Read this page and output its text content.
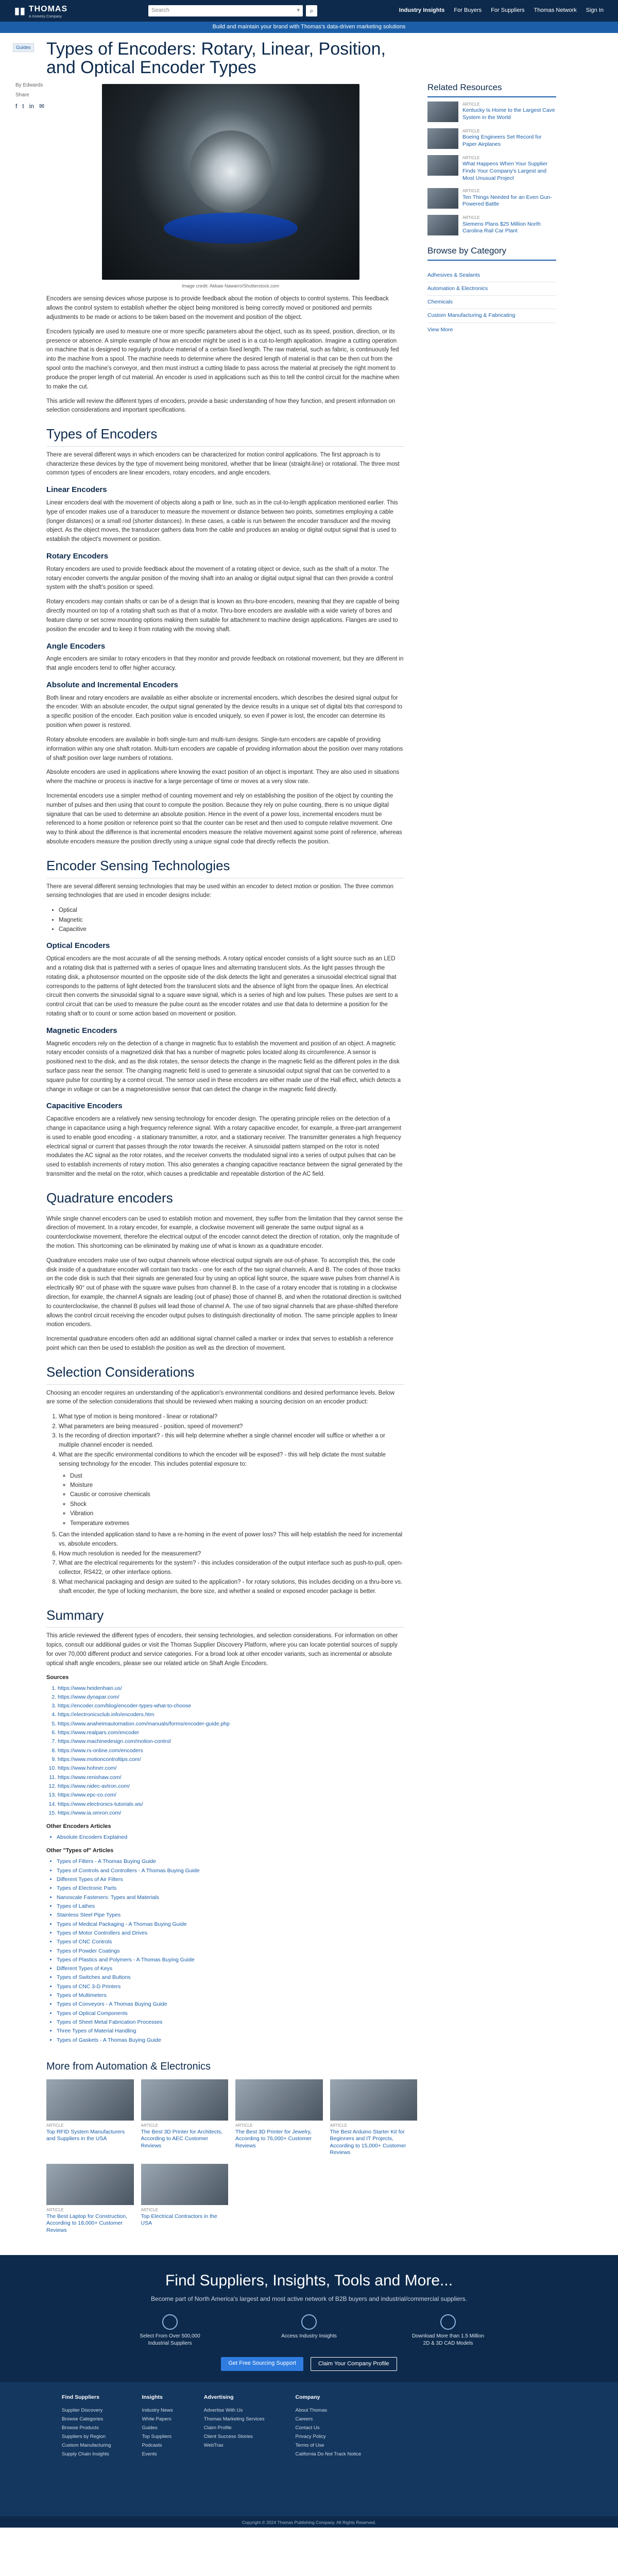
▮▮ THOMAS
A Xometry Company
Search	▾ ⌕	Industry Insights For Buyers For Suppliers Thomas Network Sign In
Build and maintain your brand with Thomas's data-driven marketing solutions
Guides Types of Encoders: Rotary, Linear, Position, and Optical Encoder Types
By Edwards
Share
f t in ✉
Image credit: Akkaw Nawarro/Shutterstock.com

Encoders are sensing devices whose purpose is to provide feedback about the motion of objects to control systems. This feedback allows the control system to establish whether the object being monitored is being correctly moved or positioned and permits adjustments to be made or actions to be taken based on the movement and position of the object.

Encoders typically are used to measure one or more specific parameters about the object, such as its speed, position, direction, or its presence or absence. A simple example of how an encoder might be used is in a cut-to-length application. Imagine a cutting operation on machine that is designed to regularly produce material of a certain fixed length. The raw material, such as fabric, is continuously fed into the machine from a spool. The machine needs to determine where the desired length of material is that can be then cut from the spool onto the machine's conveyor, and then must instruct a cutting blade to pass across the material at precisely the right moment to produce the proper length of cut material. An encoder is used in applications such as this to tell the control circuit for the machine when to make the cut.

This article will review the different types of encoders, provide a basic understanding of how they function, and present information on selection considerations and important specifications.

Types of Encoders

There are several different ways in which encoders can be characterized for motion control applications. The first approach is to characterize these devices by the type of movement being monitored, whether that be linear (straight-line) or rotational. The three most common types of encoders are linear encoders, rotary encoders, and angle encoders.

Linear Encoders

Linear encoders deal with the movement of objects along a path or line, such as in the cut-to-length application mentioned earlier. This type of encoder makes use of a transducer to measure the movement or distance between two points, sometimes employing a cable (longer distances) or a small rod (shorter distances). In these cases, a cable is run between the encoder transducer and the moving object. As the object moves, the transducer gathers data from the cable and produces an analog or digital output signal that is used to establish the object's movement or position.

Rotary Encoders

Rotary encoders are used to provide feedback about the movement of a rotating object or device, such as the shaft of a motor. The rotary encoder converts the angular position of the moving shaft into an analog or digital output signal that can then provide a control system with the shaft's position or speed.

Rotary encoders may contain shafts or can be of a design that is known as thru-bore encoders, meaning that they are capable of being directly mounted on top of a rotating shaft such as that of a motor. Thru-bore encoders are available with a wide variety of bores and feature clamp or set screw mounting options making them suitable for attachment to machine design applications. Flanges are used to position the encoder and to keep it from rotating with the moving shaft.

Angle Encoders

Angle encoders are similar to rotary encoders in that they monitor and provide feedback on rotational movement, but they are different in that angle encoders tend to offer higher accuracy.

Absolute and Incremental Encoders

Both linear and rotary encoders are available as either absolute or incremental encoders, which describes the desired signal output for the encoder. With an absolute encoder, the output signal generated by the device results in a unique set of digital bits that correspond to a specific position of the encoder. Each position value is encoded uniquely, so even if power is lost, the encoder can determine its position when power is restored.

Rotary absolute encoders are available in both single-turn and multi-turn designs. Single-turn encoders are capable of providing information within any one shaft rotation. Multi-turn encoders are capable of providing information about the position over many rotations of shaft position over large numbers of rotations.

Absolute encoders are used in applications where knowing the exact position of an object is important. They are also used in situations where the machine or process is inactive for a large percentage of time or moves at a very slow rate.

Incremental encoders use a simpler method of counting movement and rely on establishing the position of the object by counting the number of pulses and then using that count to compute the position. Because they rely on pulse counting, there is no unique digital signature that can be used to determine an absolute position. Hence in the event of a power loss, incremental encoders must be referenced to a home position or reference point so that the counter can be reset and then used to compute relative movement. One way to think about the difference is that incremental encoders measure the relative movement against some point of reference, whereas absolute encoders measure the position directly using a unique signal code that directly reflects the position.

Encoder Sensing Technologies

There are several different sensing technologies that may be used within an encoder to detect motion or position. The three common sensing technologies that are used in encoder designs include:

• Optical
• Magnetic
• Capacitive
Optical Encoders

Optical encoders are the most accurate of all the sensing methods. A rotary optical encoder consists of a light source such as an LED and a rotating disk that is patterned with a series of opaque lines and alternating translucent slots. As the light passes through the rotating disk, a photosensor mounted on the opposite side of the disk detects the light and generates a sinusoidal electrical signal that corresponds to the patterns of light detected from the translucent slots and the absence of light from the opaque lines. An electrical circuit then converts the sinusoidal signal to a square wave signal, which is a series of high and low pulses. These pulses are sent to a control circuit that can be used to measure the pulse count as the encoder rotates and use that data to determine a position for the rotating shaft or to count or some action based on movement or position.

Magnetic Encoders

Magnetic encoders rely on the detection of a change in magnetic flux to establish the movement and position of an object. A magnetic rotary encoder consists of a magnetized disk that has a number of magnetic poles located along its circumference. A sensor is positioned next to the disk, and as the disk rotates, the sensor detects the change in the magnetic field as the different poles in the disk surface pass near the sensor. The changing magnetic field is used to generate a sinusoidal output signal that can be converted to a square pulse for counting by a control circuit. The sensor used in these encoders are either made use of the Hall effect, which detects a change in voltage or can be a magnetoresistive sensor that can detect the change in the magnetic field directly.

Capacitive Encoders

Capacitive encoders are a relatively new sensing technology for encoder design. The operating principle relies on the detection of a change in capacitance using a high frequency reference signal. With a rotary capacitive encoder, for example, a three-part arrangement is used to enable good encoding - a stationary transmitter, a rotor, and a stationary receiver. The transmitter generates a high frequency electrical signal or current that passes through the rotor towards the receiver. A sinusoidal pattern stamped on the rotor is noted modulates the AC signal as the rotor rotates, and the receiver converts the modulated signal into a series of output pulses that can be used to establish increments of rotary motion. This also generates a changing capacitive reactance between the signal generated by the transmitter and the metal on the rotor, which causes a predictable and repeatable distortion of the AC field.

Quadrature encoders

While single channel encoders can be used to establish motion and movement, they suffer from the limitation that they cannot sense the direction of movement. In a rotary encoder, for example, a clockwise movement will generate the same output signal as a counterclockwise movement, therefore the electrical output of the encoder cannot detect the direction of rotation, only the magnitude of the motion. This shortcoming can be eliminated by making use of what is known as a quadrature encoder.

Quadrature encoders make use of two output channels whose electrical output signals are out-of-phase. To accomplish this, the code disk inside of a quadrature encoder will contain two tracks - one for each of the two signal channels, A and B. The codes of those tracks on the code disk is such that their signals are generated four by using an optical light source, the square wave pulses from channel A is electrically 90° out of phase with the square wave pulses from channel B. In the case of a rotary encoder that is rotating in a clockwise direction, for example, the channel A signals are leading (out of phase) those of channel B, and when the rotational direction is switched to counterclockwise, the channel B pulses will lead those of channel A. The use of two signal channels that are phase-shifted therefore allows the control circuit receiving the encoder output pulses to distinguish directionality of motion. The same principle applies to linear motion encoders.

Incremental quadrature encoders often add an additional signal channel called a marker or index that serves to establish a reference point which can then be used to establish the position as well as the direction of movement.

Selection Considerations

Choosing an encoder requires an understanding of the application's environmental conditions and desired performance levels. Below are some of the selection considerations that should be reviewed when making a sourcing decision on an encoder product:

1. What type of motion is being monitored - linear or rotational?
2. What parameters are being measured - position, speed of movement?
3. Is the recording of direction important? - this will help determine whether a single channel encoder will suffice or whether a or multiple channel encoder is needed.
4. What are the specific environmental conditions to which the encoder will be exposed? - this will help dictate the most suitable sensing technology for the encoder. This includes potential exposure to:
◦ Dust
◦ Moisture
◦ Caustic or corrosive chemicals
◦ Shock
◦ Vibration
◦ Temperature extremes
5. Can the intended application stand to have a re-homing in the event of power loss? This will help establish the need for incremental vs. absolute encoders.
6. How much resolution is needed for the measurement?
7. What are the electrical requirements for the system? - this includes consideration of the output interface such as push-to-pull, open-collector, RS422, or other interface options.
8. What mechanical packaging and design are suited to the application? - for rotary solutions, this includes deciding on a thru-bore vs. shaft encoder, the type of locking mechanism, the bore size, and whether a sealed or exposed encoder package is better.
Summary

This article reviewed the different types of encoders, their sensing technologies, and selection considerations. For information on other topics, consult our additional guides or visit the Thomas Supplier Discovery Platform, where you can locate potential sources of supply for over 70,000 different product and service categories. For a broad look at other encoder variants, such as incremental or absolute optical shaft angle encoders, please see our related article on Shaft Angle Encoders.

Sources
1. https://www.heidenhain.us/
2. https://www.dynapar.com/
3. https://encoder.com/blog/encoder-types-what-to-choose
4. https://electronicsclub.info/encoders.htm
5. https://www.anaheimautomation.com/manuals/forms/encoder-guide.php
6. https://www.realpars.com/encoder
7. https://www.machinedesign.com/motion-control
8. https://www.rs-online.com/encoders
9. https://www.motioncontroltips.com/
10. https://www.hohner.com/
11. https://www.renishaw.com/
12. https://www.nidec-avtron.com/
13. https://www.epc-co.com/
14. https://www.electronics-tutorials.ws/
15. https://www.ia.omron.com/
Other Encoders Articles
• Absolute Encoders Explained
Other "Types of" Articles
• Types of Filters - A Thomas Buying Guide
• Types of Controls and Controllers - A Thomas Buying Guide
• Different Types of Air Filters
• Types of Electronic Parts
• Nanoscale Fasteners: Types and Materials
• Types of Lathes
• Stainless Steel Pipe Types
• Types of Medical Packaging - A Thomas Buying Guide
• Types of Motor Controllers and Drives
• Types of CNC Controls
• Types of Powder Coatings
• Types of Plastics and Polymers - A Thomas Buying Guide
• Different Types of Keys
• Types of Switches and Buttons
• Types of CNC 3-D Printers
• Types of Multimeters
• Types of Conveyors - A Thomas Buying Guide
• Types of Optical Components
• Types of Sheet Metal Fabrication Processes
• Three Types of Material Handling
• Types of Gaskets - A Thomas Buying Guide
Related Resources
ARTICLE
Kentucky Is Home to the Largest Cave System in the World
ARTICLE
Boeing Engineers Set Record for Paper Airplanes
ARTICLE
What Happens When Your Supplier Finds Your Company's Largest and Most Unusual Project
ARTICLE
Ten Things Needed for an Even Gun-Powered Battle
ARTICLE
Siemens Plans $25 Million North Carolina Rail Car Plant
Browse by Category
Adhesives & Sealants
Automation & Electronics
Chemicals
Custom Manufacturing & Fabricating
View More
More from Automation & Electronics
ARTICLE
Top RFID System Manufacturers and Suppliers in the USA
ARTICLE
The Best 3D Printer for Architects, According to AEC Customer Reviews
ARTICLE
The Best 3D Printer for Jewelry, According to 76,000+ Customer Reviews
ARTICLE
The Best Arduino Starter Kit for Beginners and IT Projects, According to 15,000+ Customer Reviews
ARTICLE
The Best Laptop for Construction, According to 18,000+ Customer Reviews
ARTICLE
Top Electrical Contractors in the USA
Find Suppliers, Insights, Tools and More...

Become part of North America's largest and most active network of B2B buyers and industrial/commercial suppliers.

Select From Over 500,000 Industrial Suppliers
Access Industry Insights	Download More than 1.5 Million 2D & 3D CAD Models
Get Free Sourcing Support	Claim Your Company Profile
Find Suppliers
Supplier Discovery
Browse Categories
Browse Products
Suppliers by Region
Custom Manufacturing
Supply Chain Insights
Insights
Industry News
White Papers
Guides
Top Suppliers
Podcasts
Events
Advertising
Advertise With Us
Thomas Marketing Services
Claim Profile
Client Success Stories
WebTrax
Company
About Thomas
Careers
Contact Us
Privacy Policy
Terms of Use
California Do Not Track Notice
Copyright © 2024 Thomas Publishing Company. All Rights Reserved.
